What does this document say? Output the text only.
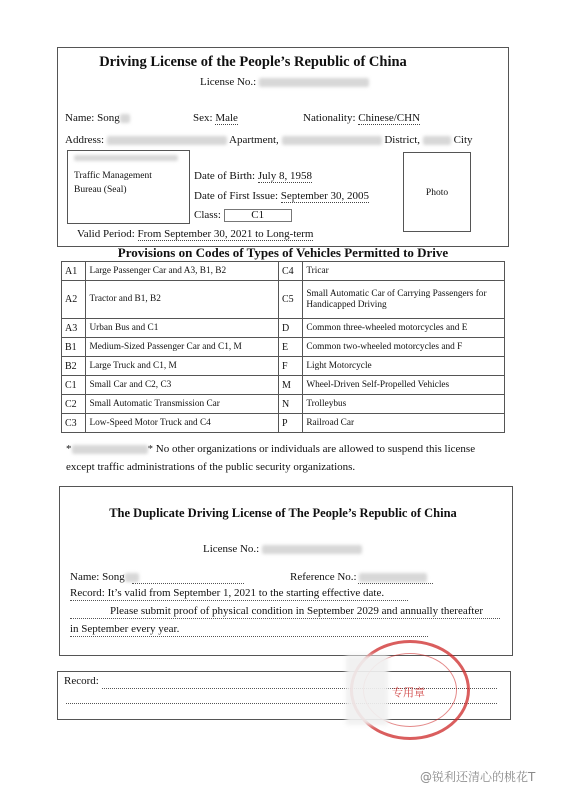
Driving License of the People’s Republic of China
License No.:
Name: Song	Sex: Male	Nationality: Chinese/CHN
Address:	Apartment,	District,	City
Traffic Management
Bureau (Seal)
Date of Birth: July 8, 1958
Date of First Issue: September 30, 2005
Class:	C1
Photo
Valid Period: From September 30, 2021 to Long-term
Provisions on Codes of Types of Vehicles Permitted to Drive
A1	Large Passenger Car and A3, B1, B2	C4	Tricar
A2	Tractor and B1, B2	C5	Small Automatic Car of Carrying Passengers for Handicapped Driving
A3	Urban Bus and C1	D	Common three-wheeled motorcycles and E
B1	Medium-Sized Passenger Car and C1, M	E	Common two-wheeled motorcycles and F
B2	Large Truck and C1, M	F	Light Motorcycle
C1	Small Car and C2, C3	M	Wheel-Driven Self-Propelled Vehicles
C2	Small Automatic Transmission Car	N	Trolleybus
C3	Low-Speed Motor Truck and C4	P	Railroad Car
*	* No other organizations or individuals are allowed to suspend this license
except traffic administrations of the public security organizations.
The Duplicate Driving License of The People’s Republic of China
License No.:
Name: Song	Reference No.:
Record: It’s valid from September 1, 2021 to the starting effective date.
Please submit proof of physical condition in September 2029 and annually thereafter
in September every year.
Record:
专用章
@锐利还清心的桃花T
